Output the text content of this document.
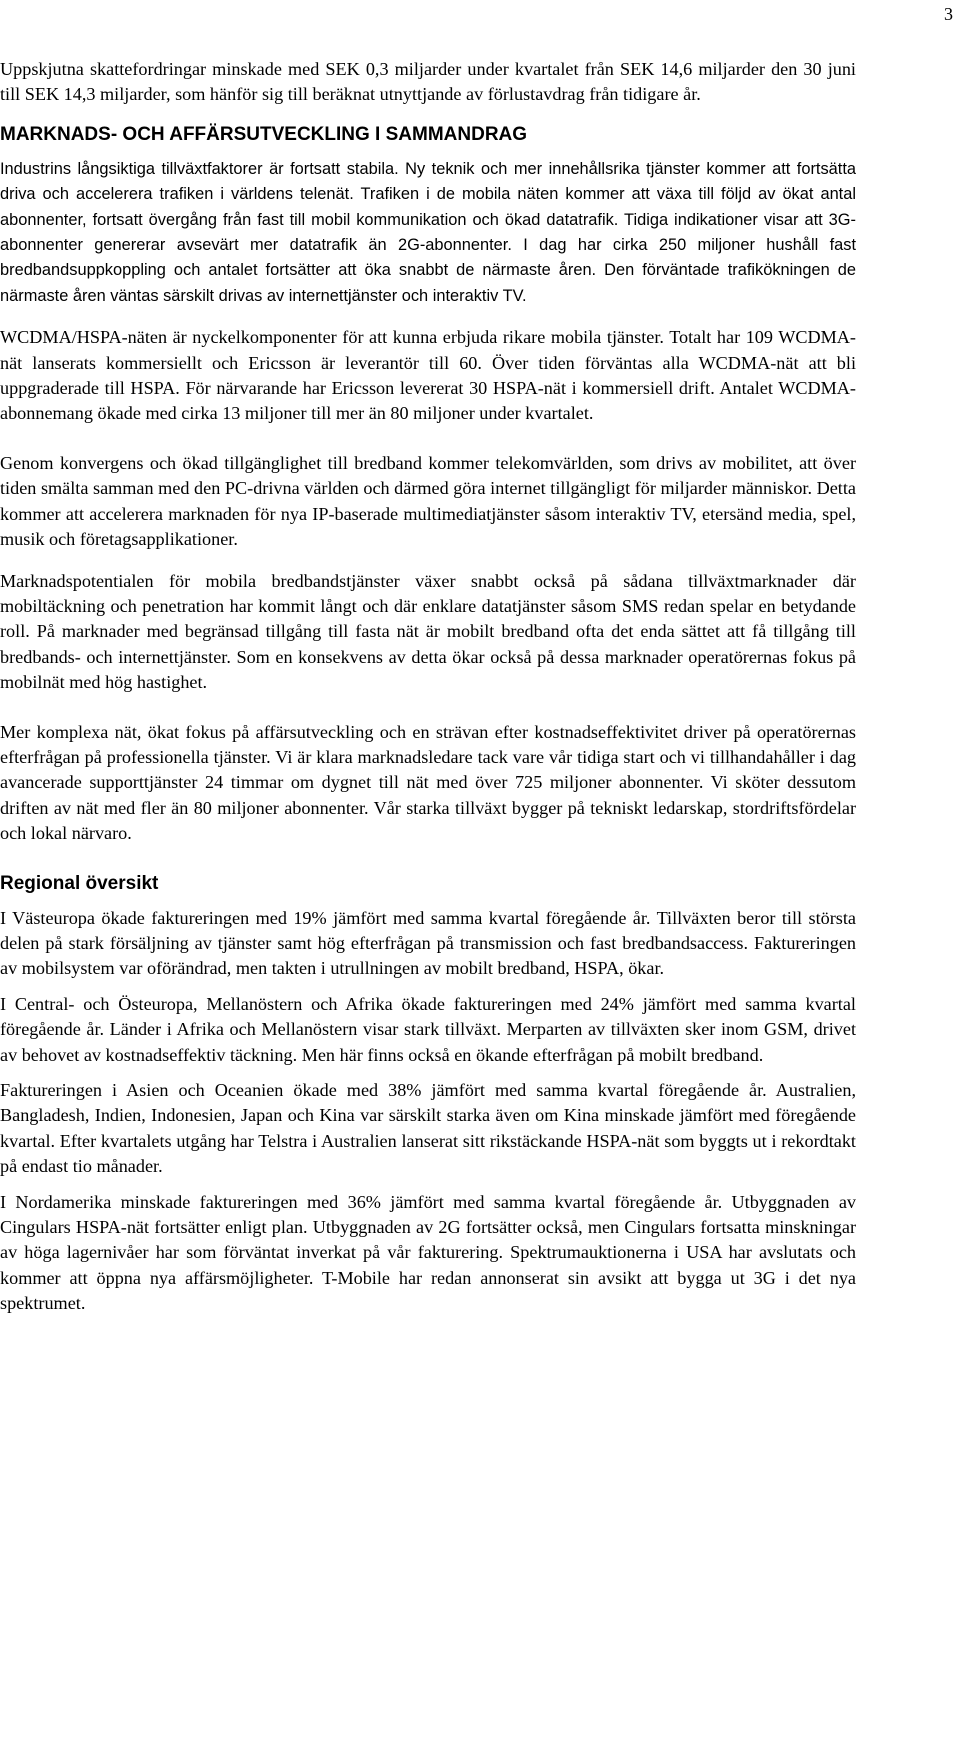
3

Uppskjutna skattefordringar minskade med SEK 0,3 miljarder under kvartalet från SEK 14,6 miljarder den 30 juni till SEK 14,3 miljarder, som hänför sig till beräknat utnyttjande av förlustavdrag från tidigare år.

MARKNADS- OCH AFFÄRSUTVECKLING I SAMMANDRAG

Industrins långsiktiga tillväxtfaktorer är fortsatt stabila. Ny teknik och mer innehållsrika tjänster kommer att fortsätta driva och accelerera trafiken i världens telenät. Trafiken i de mobila näten kommer att växa till följd av ökat antal abonnenter, fortsatt övergång från fast till mobil kommunikation och ökad datatrafik. Tidiga indikationer visar att 3G-abonnenter genererar avsevärt mer datatrafik än 2G-abonnenter. I dag har cirka 250 miljoner hushåll fast bredbandsuppkoppling och antalet fortsätter att öka snabbt de närmaste åren. Den förväntade trafikökningen de närmaste åren väntas särskilt drivas av internettjänster och interaktiv TV.

WCDMA/HSPA-näten är nyckelkomponenter för att kunna erbjuda rikare mobila tjänster. Totalt har 109 WCDMA-nät lanserats kommersiellt och Ericsson är leverantör till 60. Över tiden förväntas alla WCDMA-nät att bli uppgraderade till HSPA. För närvarande har Ericsson levererat 30 HSPA-nät i kommersiell drift. Antalet WCDMA-abonnemang ökade med cirka 13 miljoner till mer än 80 miljoner under kvartalet.

Genom konvergens och ökad tillgänglighet till bredband kommer telekomvärlden, som drivs av mobilitet, att över tiden smälta samman med den PC-drivna världen och därmed göra internet tillgängligt för miljarder människor. Detta kommer att accelerera marknaden för nya IP-baserade multimediatjänster såsom interaktiv TV, etersänd media, spel, musik och företagsapplikationer.

Marknadspotentialen för mobila bredbandstjänster växer snabbt också på sådana tillväxtmarknader där mobiltäckning och penetration har kommit långt och där enklare datatjänster såsom SMS redan spelar en betydande roll. På marknader med begränsad tillgång till fasta nät är mobilt bredband ofta det enda sättet att få tillgång till bredbands- och internettjänster. Som en konsekvens av detta ökar också på dessa marknader operatörernas fokus på mobilnät med hög hastighet.

Mer komplexa nät, ökat fokus på affärsutveckling och en strävan efter kostnadseffektivitet driver på operatörernas efterfrågan på professionella tjänster. Vi är klara marknadsledare tack vare vår tidiga start och vi tillhandahåller i dag avancerade supporttjänster 24 timmar om dygnet till nät med över 725 miljoner abonnenter. Vi sköter dessutom driften av nät med fler än 80 miljoner abonnenter. Vår starka tillväxt bygger på tekniskt ledarskap, stordriftsfördelar och lokal närvaro.

Regional översikt

I Västeuropa ökade faktureringen med 19% jämfört med samma kvartal föregående år. Tillväxten beror till största delen på stark försäljning av tjänster samt hög efterfrågan på transmission och fast bredbandsaccess. Faktureringen av mobilsystem var oförändrad, men takten i utrullningen av mobilt bredband, HSPA, ökar.

I Central- och Östeuropa, Mellanöstern och Afrika ökade faktureringen med 24% jämfört med samma kvartal föregående år. Länder i Afrika och Mellanöstern visar stark tillväxt. Merparten av tillväxten sker inom GSM, drivet av behovet av kostnadseffektiv täckning. Men här finns också en ökande efterfrågan på mobilt bredband.

Faktureringen i Asien och Oceanien ökade med 38% jämfört med samma kvartal föregående år. Australien, Bangladesh, Indien, Indonesien, Japan och Kina var särskilt starka även om Kina minskade jämfört med föregående kvartal. Efter kvartalets utgång har Telstra i Australien lanserat sitt rikstäckande HSPA-nät som byggts ut i rekordtakt på endast tio månader.

I Nordamerika minskade faktureringen med 36% jämfört med samma kvartal föregående år. Utbyggnaden av Cingulars HSPA-nät fortsätter enligt plan. Utbyggnaden av 2G fortsätter också, men Cingulars fortsatta minskningar av höga lagernivåer har som förväntat inverkat på vår fakturering. Spektrumauktionerna i USA har avslutats och kommer att öppna nya affärsmöjligheter. T-Mobile har redan annonserat sin avsikt att bygga ut 3G i det nya spektrumet.
